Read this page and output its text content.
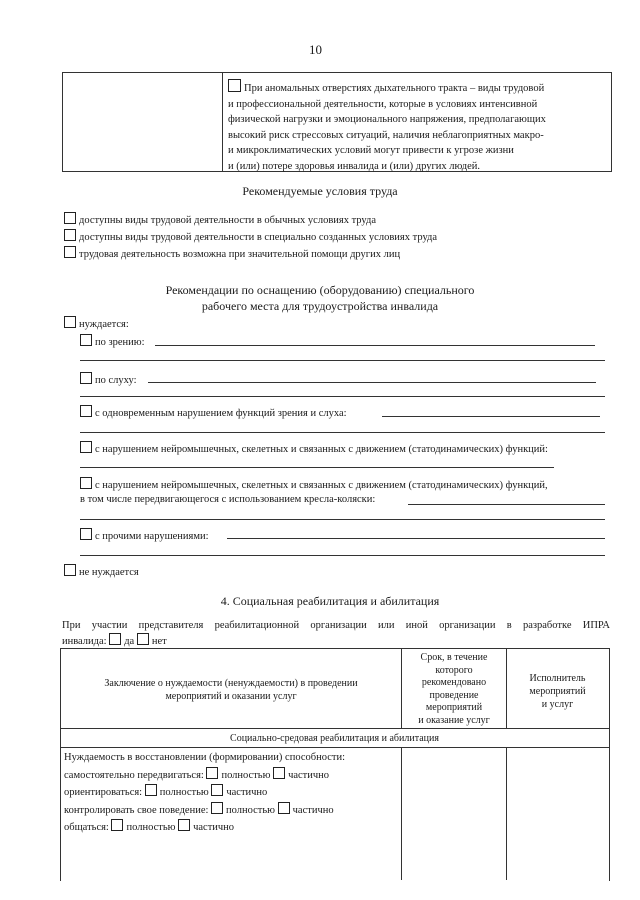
10
При аномальных отверстиях дыхательного тракта – виды трудовой
и профессиональной деятельности, которые в условиях интенсивной
физической нагрузки и эмоционального напряжения, предполагающих
высокий риск стрессовых ситуаций, наличия неблагоприятных макро-
и микроклиматических условий могут привести к угрозе жизни
и (или) потере здоровья инвалида и (или) других людей.
Рекомендуемые условия труда
доступны виды трудовой деятельности в обычных условиях труда
доступны виды трудовой деятельности в специально созданных условиях труда
трудовая деятельность возможна при значительной помощи других лиц
Рекомендации по оснащению (оборудованию) специального
рабочего места для трудоустройства инвалида
нуждается:
по зрению:
по слуху:
с одновременным нарушением функций зрения и слуха:
с нарушением нейромышечных, скелетных и связанных с движением (статодинамических) функций:
с нарушением нейромышечных, скелетных и связанных с движением (статодинамических) функций,
в том числе передвигающегося с использованием кресла-коляски:
с прочими нарушениями:
не нуждается
4. Социальная реабилитация и абилитация
При участии представителя реабилитационной организации или иной организации в разработке ИПРА
инвалида: да нет
Заключение о нуждаемости (ненуждаемости) в проведении
мероприятий и оказании услуг
Срок, в течение
которого
рекомендовано
проведение
мероприятий
и оказание услуг
Исполнитель
мероприятий
и услуг
Социально-средовая реабилитация и абилитация
Нуждаемость в восстановлении (формировании) способности:
самостоятельно передвигаться: полностью частично
ориентироваться: полностью частично
контролировать свое поведение: полностью частично
общаться: полностью частично
